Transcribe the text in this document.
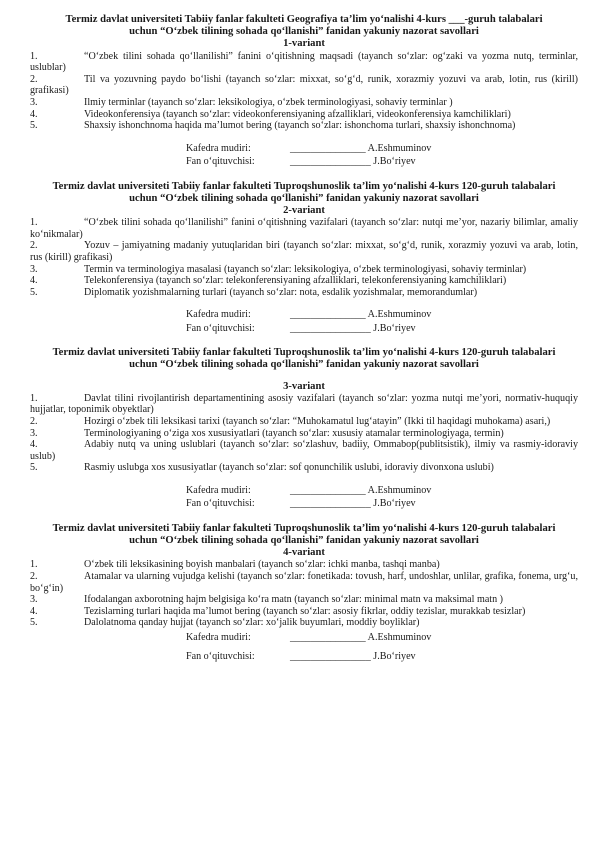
Termiz davlat universiteti Tabiiy fanlar fakulteti Geografiya ta’lim yo‘nalishi 4-kurs ___-guruh talabalari
uchun “O‘zbek tilining sohada qo‘llanishi” fanidan yakuniy nazorat savollari
1-variant
1.	“O‘zbek tilini sohada qo‘llanilishi” fanini o‘qitishning maqsadi (tayanch so‘zlar: og‘zaki va yozma nutq, terminlar, uslublar)
2.	Til va yozuvning paydo bo‘lishi (tayanch so‘zlar: mixxat, so‘g‘d, runik, xorazmiy yozuvi va arab, lotin, rus (kirill) grafikasi)
3.	Ilmiy terminlar (tayanch so‘zlar: leksikologiya, o‘zbek terminologiyasi, sohaviy terminlar )
4.	Videokonferensiya (tayanch so‘zlar: videokonferensiyaning afzalliklari, videokonferensiya kamchiliklari)
5.	Shaxsiy ishonchnoma haqida ma’lumot bering (tayanch so‘zlar: ishonchoma turlari, shaxsiy ishonchnoma)
Kafedra mudiri:	_______________ A.Eshmuminov
Fan o‘qituvchisi:	________________ J.Bo‘riyev
Termiz davlat universiteti Tabiiy fanlar fakulteti Tuproqshunoslik ta’lim yo‘nalishi 4-kurs 120-guruh talabalari
uchun “O‘zbek tilining sohada qo‘llanishi” fanidan yakuniy nazorat savollari
2-variant
1.	“O‘zbek tilini sohada qo‘llanilishi” fanini o‘qitishning vazifalari (tayanch so‘zlar: nutqi me’yor, nazariy bilimlar, amaliy ko‘nikmalar)
2.	Yozuv – jamiyatning madaniy yutuqlaridan biri (tayanch so‘zlar: mixxat, so‘g‘d, runik, xorazmiy yozuvi va arab, lotin, rus (kirill) grafikasi)
3.	Termin va terminologiya masalasi (tayanch so‘zlar: leksikologiya, o‘zbek terminologiyasi, sohaviy terminlar)
4.	Telekonferensiya (tayanch so‘zlar: telekonferensiyaning afzalliklari, telekonferensiyaning kamchiliklari)
5.	Diplomatik yozishmalarning turlari (tayanch so‘zlar: nota, esdalik yozishmalar, memorandumlar)
Kafedra mudiri:	_______________ A.Eshmuminov
Fan o‘qituvchisi:	________________ J.Bo‘riyev
Termiz davlat universiteti Tabiiy fanlar fakulteti Tuproqshunoslik ta’lim yo‘nalishi 4-kurs 120-guruh talabalari
uchun “O‘zbek tilining sohada qo‘llanishi” fanidan yakuniy nazorat savollari
3-variant
1.	Davlat tilini rivojlantirish departamentining asosiy vazifalari (tayanch so‘zlar: yozma nutqi me’yori, normativ-huquqiy hujjatlar, toponimik obyektlar)
2.	Hozirgi o‘zbek tili leksikasi tarixi (tayanch so‘zlar: “Muhokamatul lug‘atayin” (Ikki til haqidagi muhokama) asari,)
3.	Terminologiyaning o‘ziga xos xususiyatlari (tayanch so‘zlar: xususiy atamalar terminologiyaga, termin)
4.	Adabiy nutq va uning uslublari (tayanch so‘zlar: so‘zlashuv, badiiy, Ommabop(publitsistik), ilmiy va rasmiy-idoraviy uslub)
5.	Rasmiy uslubga xos xususiyatlar (tayanch so‘zlar: sof qonunchilik uslubi, idoraviy divonxona uslubi)
Kafedra mudiri:	_______________ A.Eshmuminov
Fan o‘qituvchisi:	________________ J.Bo‘riyev
Termiz davlat universiteti Tabiiy fanlar fakulteti Tuproqshunoslik ta’lim yo‘nalishi 4-kurs 120-guruh talabalari
uchun “O‘zbek tilining sohada qo‘llanishi” fanidan yakuniy nazorat savollari
4-variant
1.	O‘zbek tili leksikasining boyish manbalari (tayanch so‘zlar: ichki manba, tashqi manba)
2.	Atamalar va ularning vujudga kelishi (tayanch so‘zlar: fonetikada: tovush, harf, undoshlar, unlilar, grafika, fonema, urg‘u, bo‘g‘in)
3.	Ifodalangan axborotning hajm belgisiga ko‘ra matn (tayanch so‘zlar: minimal matn va maksimal matn )
4.	Tezislarning turlari haqida ma’lumot bering (tayanch so‘zlar: asosiy fikrlar, oddiy tezislar, murakkab tesizlar)
5.	Dalolatnoma qanday hujjat (tayanch so‘zlar: xo‘jalik buyumlari, moddiy boyliklar)
Kafedra mudiri:	_______________ A.Eshmuminov
Fan o‘qituvchisi:	________________ J.Bo‘riyev
